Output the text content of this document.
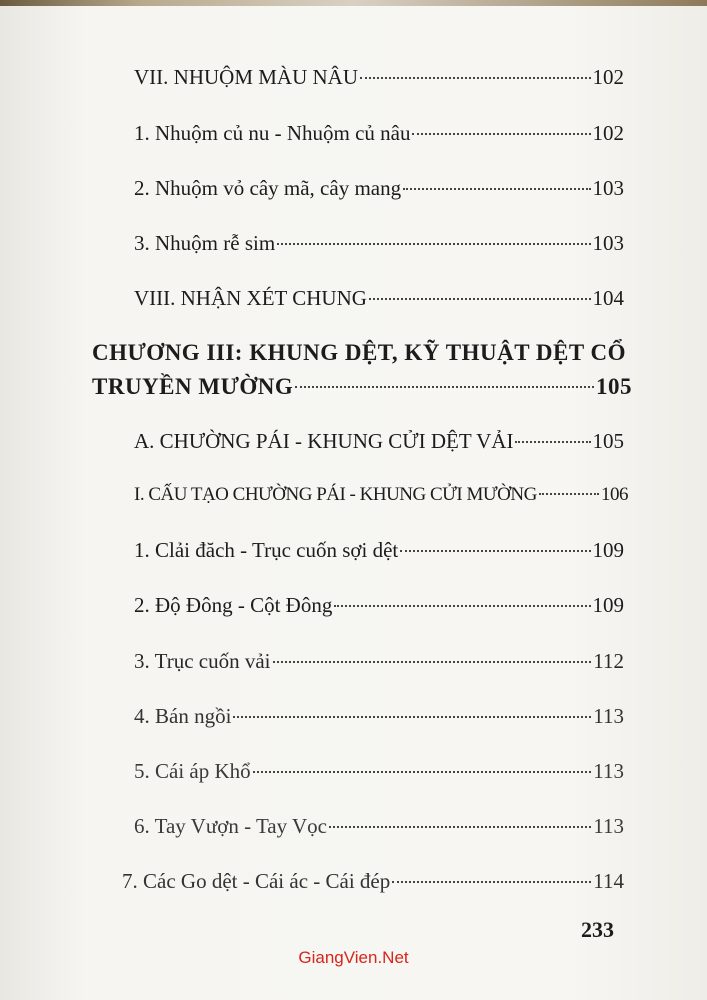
VII. NHUỘM MÀU NÂU	102
1. Nhuộm củ nu - Nhuộm củ nâu	102
2. Nhuộm vỏ cây mã, cây mang	103
3. Nhuộm rễ sim	103
VIII. NHẬN XÉT CHUNG	104
CHƯƠNG III: KHUNG DỆT, KỸ THUẬT DỆT CỔ
TRUYỀN MƯỜNG	105
A. CHƯỜNG PÁI - KHUNG CỬI DỆT VẢI	105
I. CẤU TẠO CHƯỜNG PÁI - KHUNG CỬI MƯỜNG	106
1. Clải đăch - Trục cuốn sợi dệt	109
2. Độ Đông - Cột Đông	109
3. Trục cuốn vải	112
4. Bán ngồi	113
5. Cái áp Khổ	113
6. Tay Vượn - Tay Vọc	113
7. Các Go dệt - Cái ác - Cái đép	114
233
GiangVien.Net
